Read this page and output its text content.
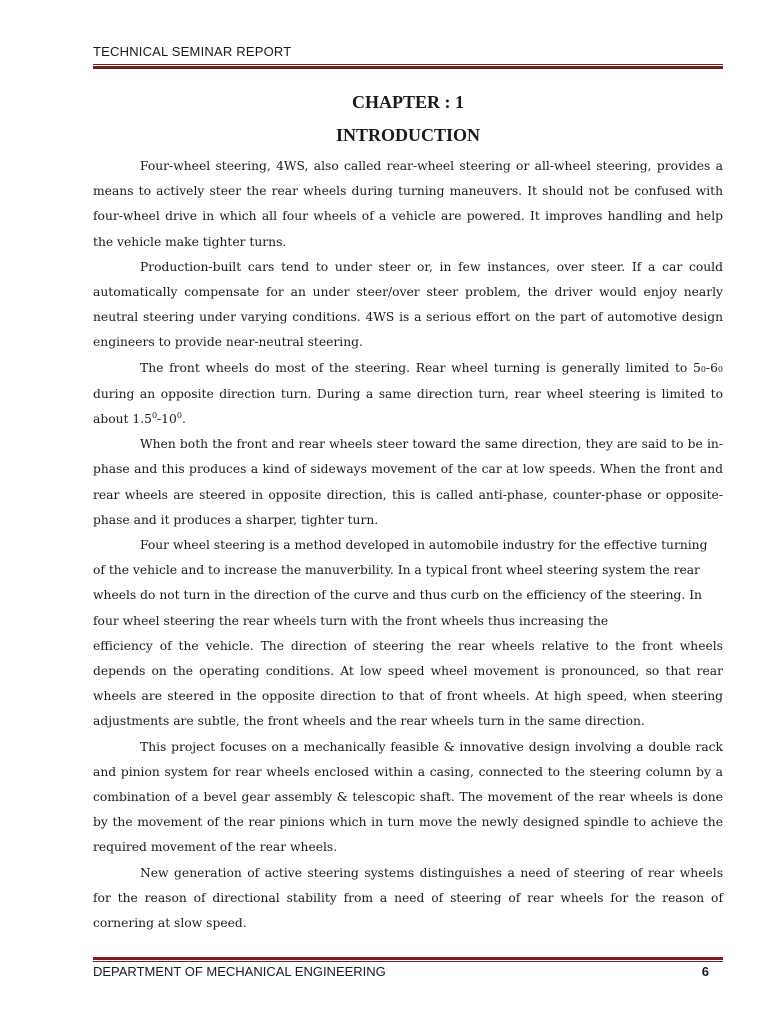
TECHNICAL SEMINAR REPORT
CHAPTER : 1
INTRODUCTION

Four-wheel steering, 4WS, also called rear-wheel steering or all-wheel steering, provides a means to actively steer the rear wheels during turning maneuvers. It should not be confused with four-wheel drive in which all four wheels of a vehicle are powered. It improves handling and help the vehicle make tighter turns.

Production-built cars tend to under steer or, in few instances, over steer. If a car could automatically compensate for an under steer/over steer problem, the driver would enjoy nearly neutral steering under varying conditions. 4WS is a serious effort on the part of automotive design engineers to provide near-neutral steering.

The front wheels do most of the steering. Rear wheel turning is generally limited to 50-60 during an opposite direction turn. During a same direction turn, rear wheel steering is limited to about $1.5^0-10^0$.

When both the front and rear wheels steer toward the same direction, they are said to be in-phase and this produces a kind of sideways movement of the car at low speeds. When the front and rear wheels are steered in opposite direction, this is called anti-phase, counter-phase or opposite-phase and it produces a sharper, tighter turn.

Four wheel steering is a method developed in automobile industry for the effective turning of the vehicle and to increase the manuverbility. In a typical front wheel steering system the rear

wheels do not turn in the direction of the curve and thus curb on the efficiency of the steering. In four wheel steering the rear wheels turn with the front wheels thus increasing the

efficiency of the vehicle. The direction of steering the rear wheels relative to the front wheels depends on the operating conditions. At low speed wheel movement is pronounced, so that rear wheels are steered in the opposite direction to that of front wheels. At high speed, when steering adjustments are subtle, the front wheels and the rear wheels turn in the same direction.

This project focuses on a mechanically feasible & innovative design involving a double rack and pinion system for rear wheels enclosed within a casing, connected to the steering column by a combination of a bevel gear assembly & telescopic shaft. The movement of the rear wheels is done by the movement of the rear pinions which in turn move the newly designed spindle to achieve the required movement of the rear wheels.

New generation of active steering systems distinguishes a need of steering of rear wheels for the reason of directional stability from a need of steering of rear wheels for the reason of cornering at slow speed.

DEPARTMENT OF MECHANICAL ENGINEERING	6
